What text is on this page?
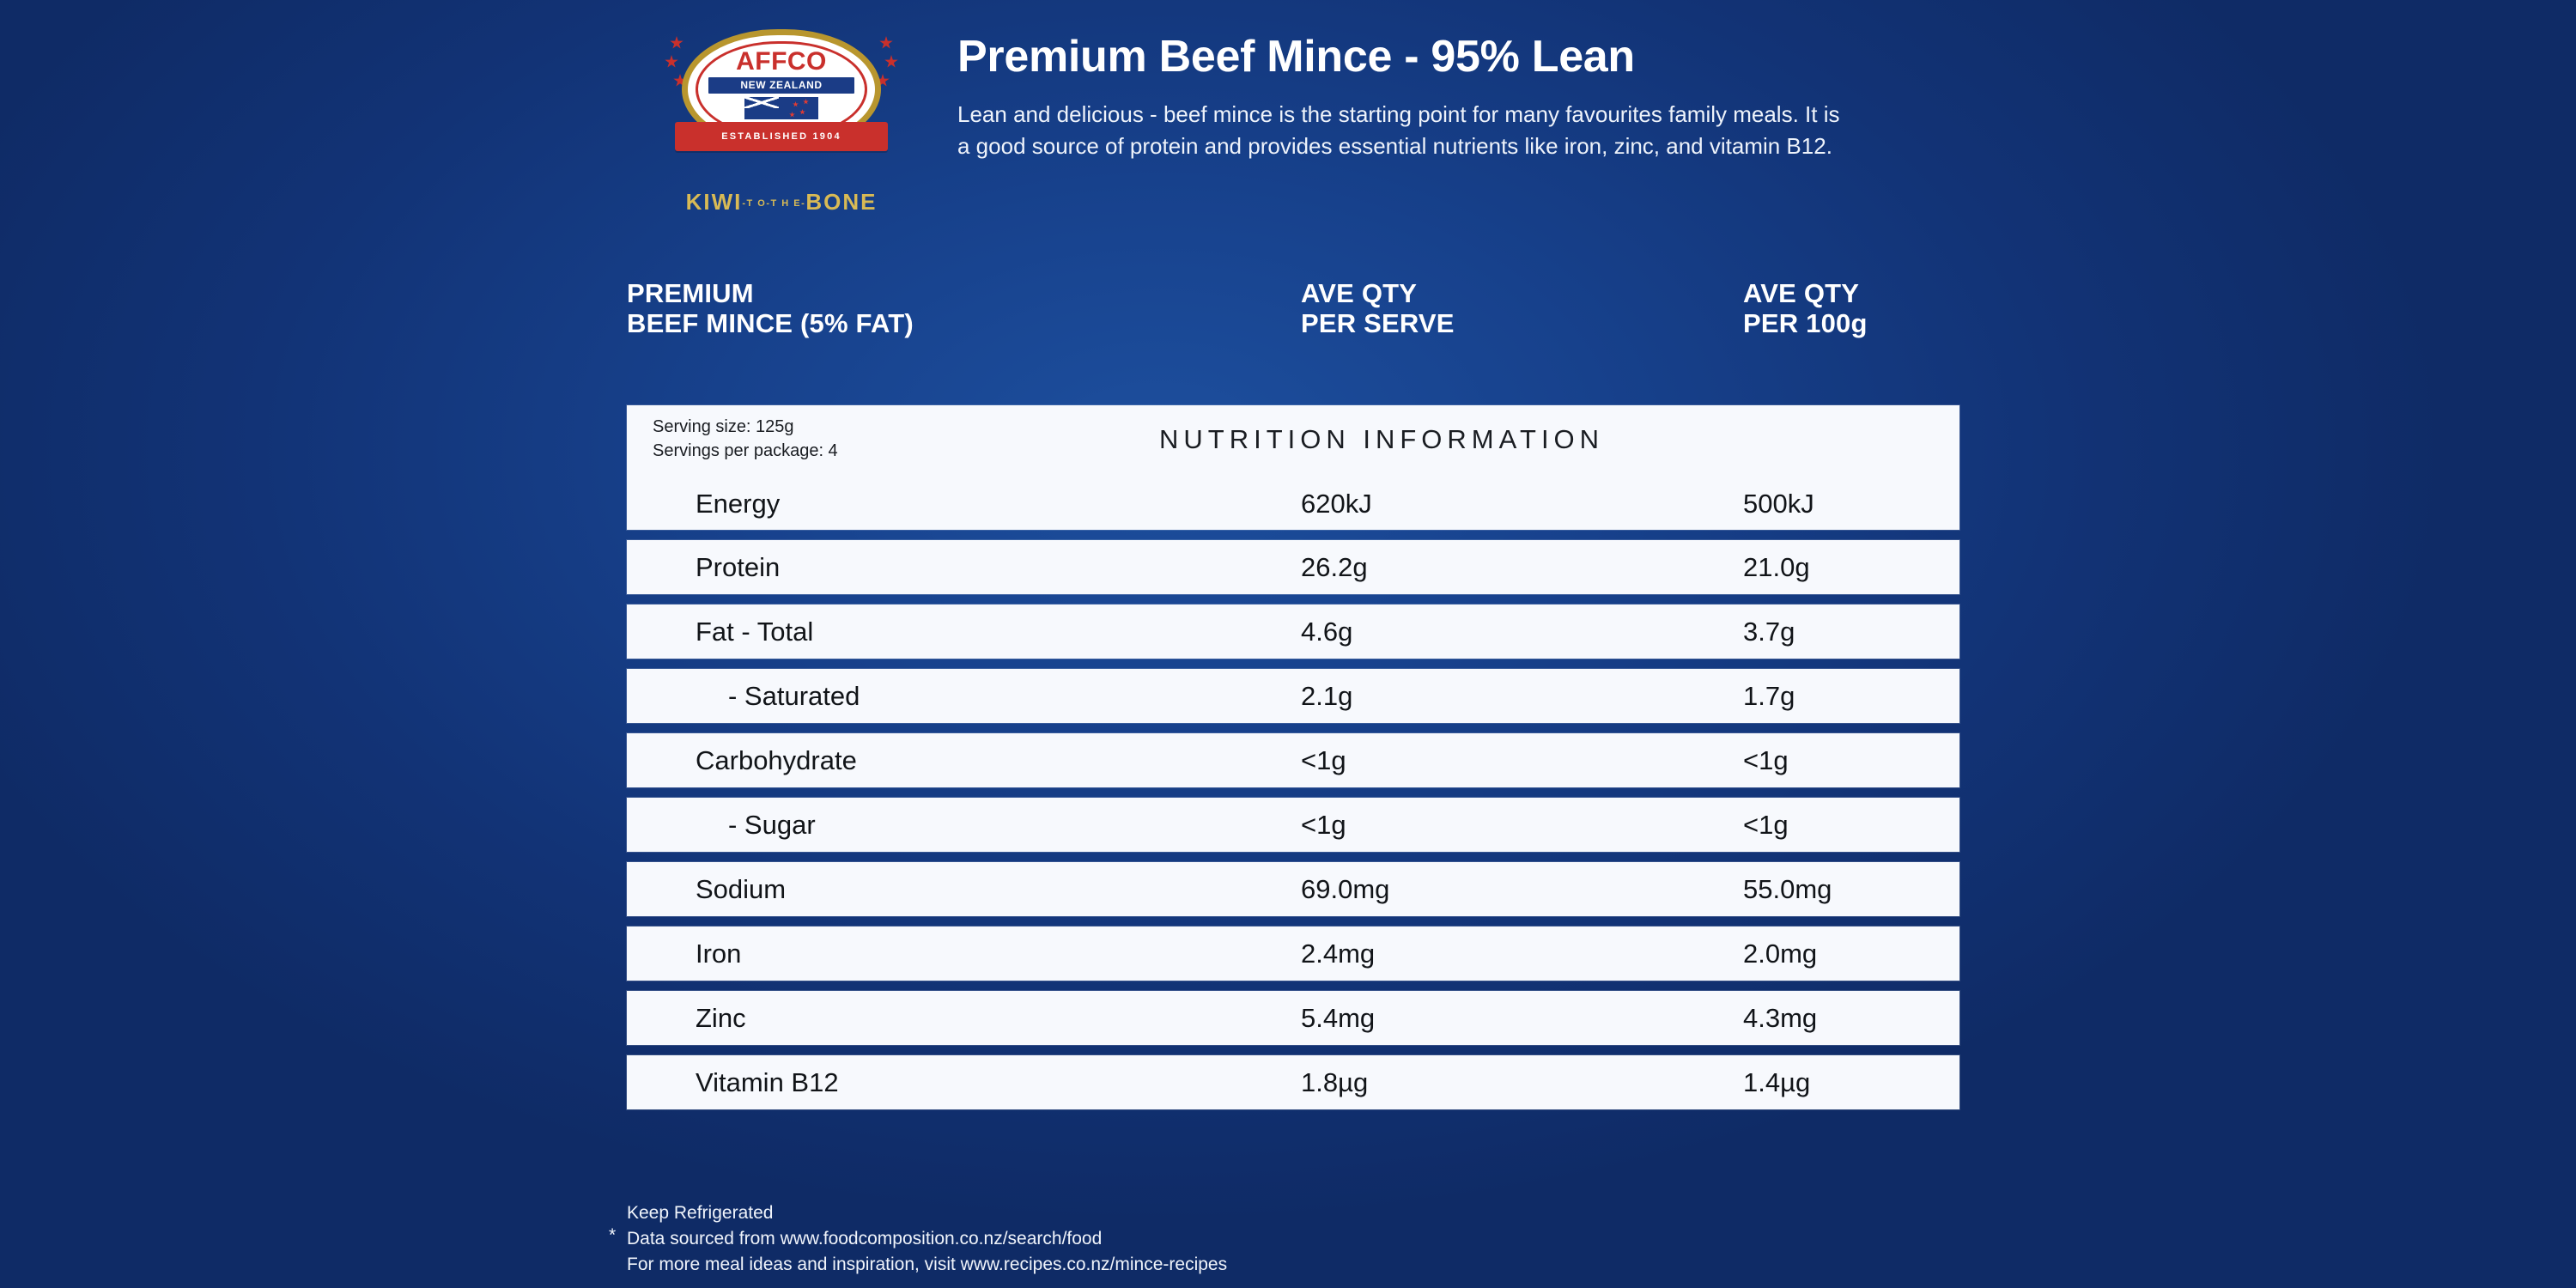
AFFCO
NEW ZEALAND
ESTABLISHED 1904
KIWI-T O-T H E-BONE
Premium Beef Mince - 95% Lean

Lean and delicious - beef mince is the starting point for many favourites family meals. It is a good source of protein and provides essential nutrients like iron, zinc, and vitamin B12.

PREMIUM
BEEF MINCE (5% FAT)
AVE QTY
PER SERVE
AVE QTY
PER 100g
Serving size: 125g
Servings per package: 4	NUTRITION INFORMATION
Energy	620kJ	500kJ
Protein	26.2g	21.0g
Fat - Total	4.6g	3.7g
- Saturated	2.1g	1.7g
Carbohydrate	<1g	<1g
- Sugar	<1g	<1g
Sodium	69.0mg	55.0mg
Iron	2.4mg	2.0mg
Zinc	5.4mg	4.3mg
Vitamin B12	1.8µg	1.4µg
*
Keep Refrigerated
Data sourced from www.foodcomposition.co.nz/search/food
For more meal ideas and inspiration, visit www.recipes.co.nz/mince-recipes
